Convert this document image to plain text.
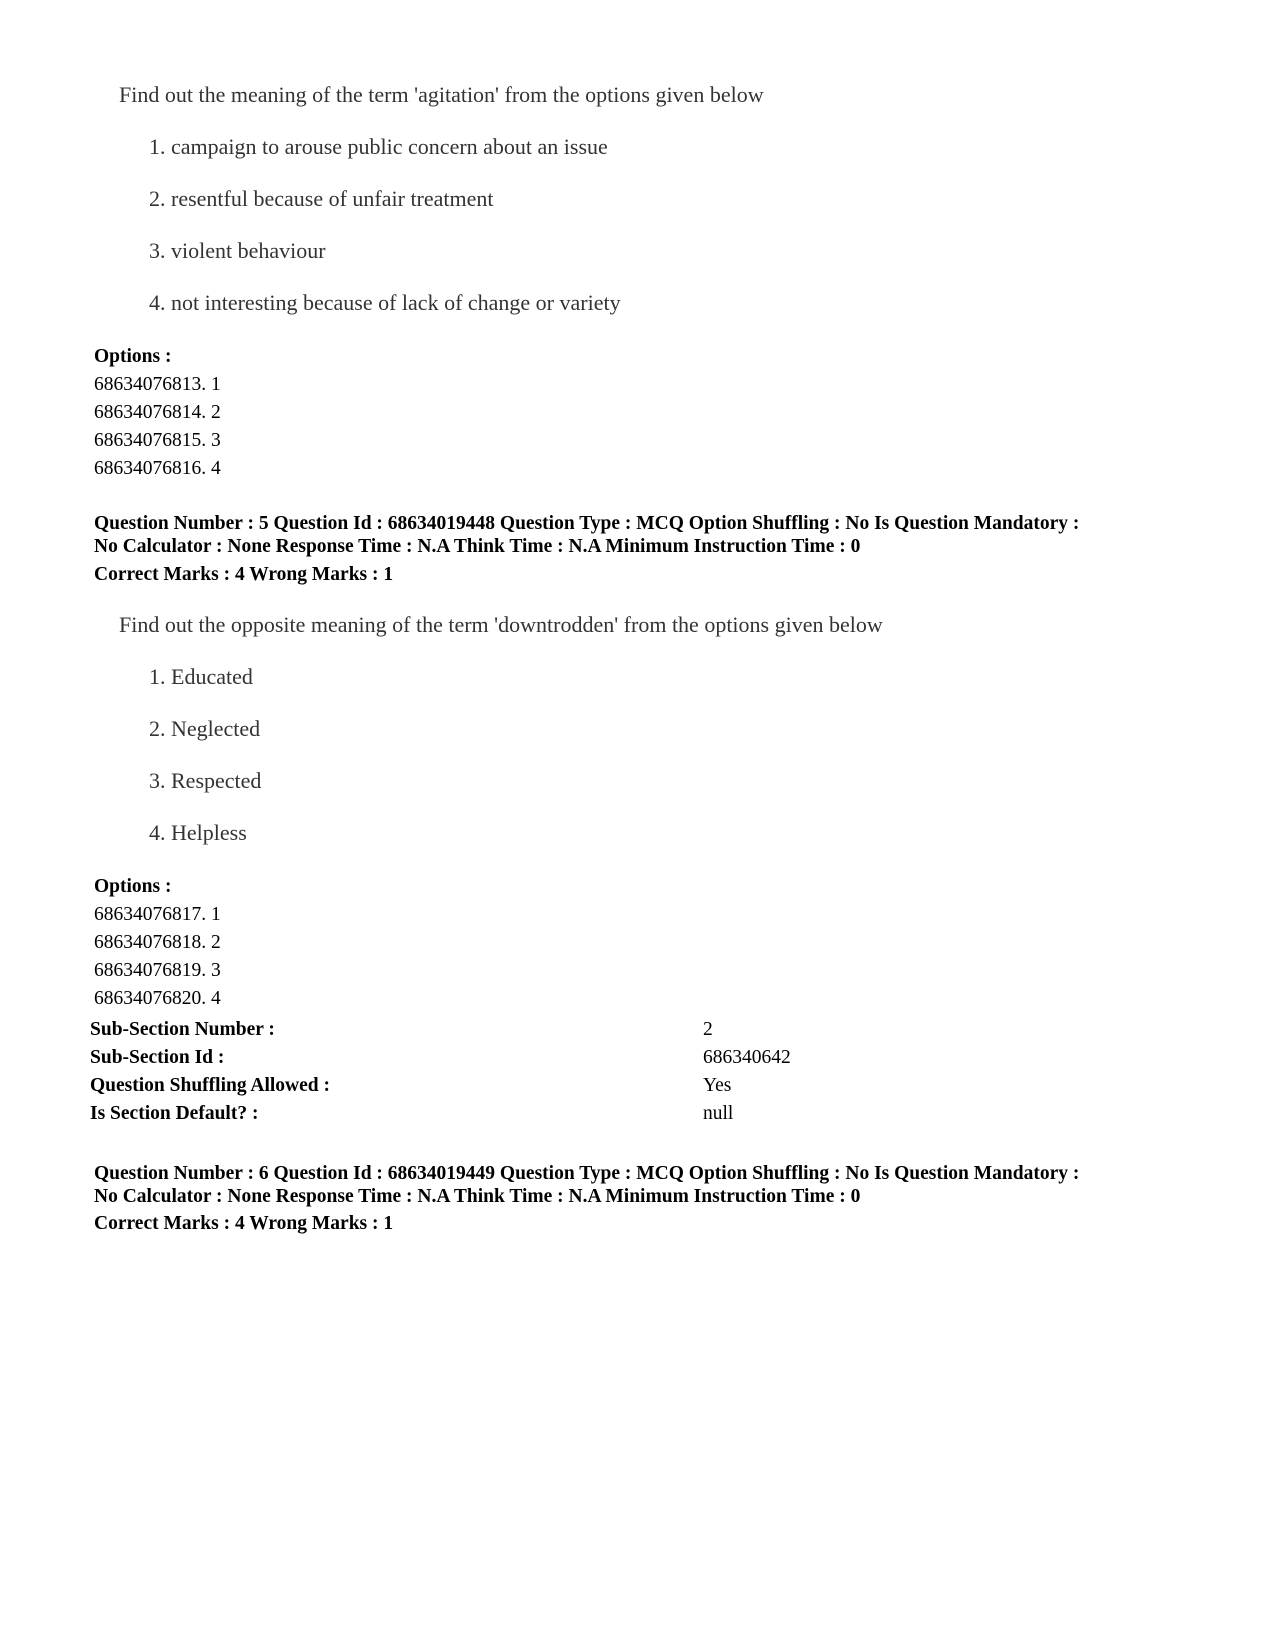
Find out the meaning of the term 'agitation' from the options given below
1. campaign to arouse public concern about an issue
2. resentful because of unfair treatment
3. violent behaviour
4. not interesting because of lack of change or variety
Options :
68634076813. 1
68634076814. 2
68634076815. 3
68634076816. 4
Question Number : 5 Question Id : 68634019448 Question Type : MCQ Option Shuffling : No Is Question Mandatory :
No Calculator : None Response Time : N.A Think Time : N.A Minimum Instruction Time : 0
Correct Marks : 4 Wrong Marks : 1
Find out the opposite meaning of the term 'downtrodden' from the options given below
1. Educated
2. Neglected
3. Respected
4. Helpless
Options :
68634076817. 1
68634076818. 2
68634076819. 3
68634076820. 4
Sub-Section Number :	2
Sub-Section Id :	686340642
Question Shuffling Allowed :	Yes
Is Section Default? :	null
Question Number : 6 Question Id : 68634019449 Question Type : MCQ Option Shuffling : No Is Question Mandatory :
No Calculator : None Response Time : N.A Think Time : N.A Minimum Instruction Time : 0
Correct Marks : 4 Wrong Marks : 1
